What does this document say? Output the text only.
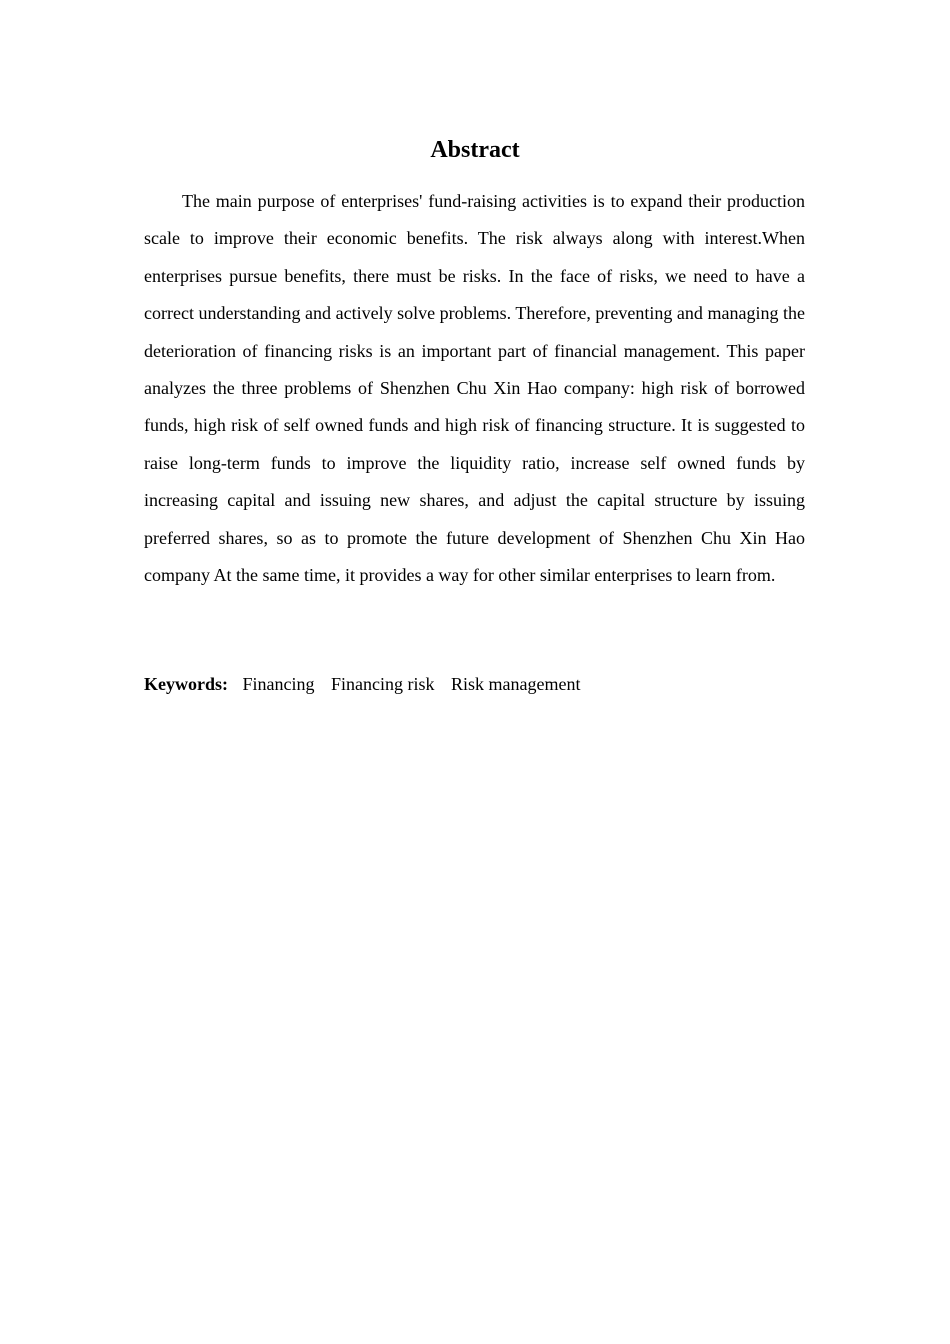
Abstract

The main purpose of enterprises' fund-raising activities is to expand their production scale to improve their economic benefits. The risk always along with interest.When enterprises pursue benefits, there must be risks. In the face of risks, we need to have a correct understanding and actively solve problems. Therefore, preventing and managing the deterioration of financing risks is an important part of financial management. This paper analyzes the three problems of Shenzhen Chu Xin Hao company: high risk of borrowed funds, high risk of self owned funds and high risk of financing structure. It is suggested to raise long-term funds to improve the liquidity ratio, increase self owned funds by increasing capital and issuing new shares, and adjust the capital structure by issuing preferred shares, so as to promote the future development of Shenzhen Chu Xin Hao company At the same time, it provides a way for other similar enterprises to learn from.

Keywords: Financing Financing risk Risk management
